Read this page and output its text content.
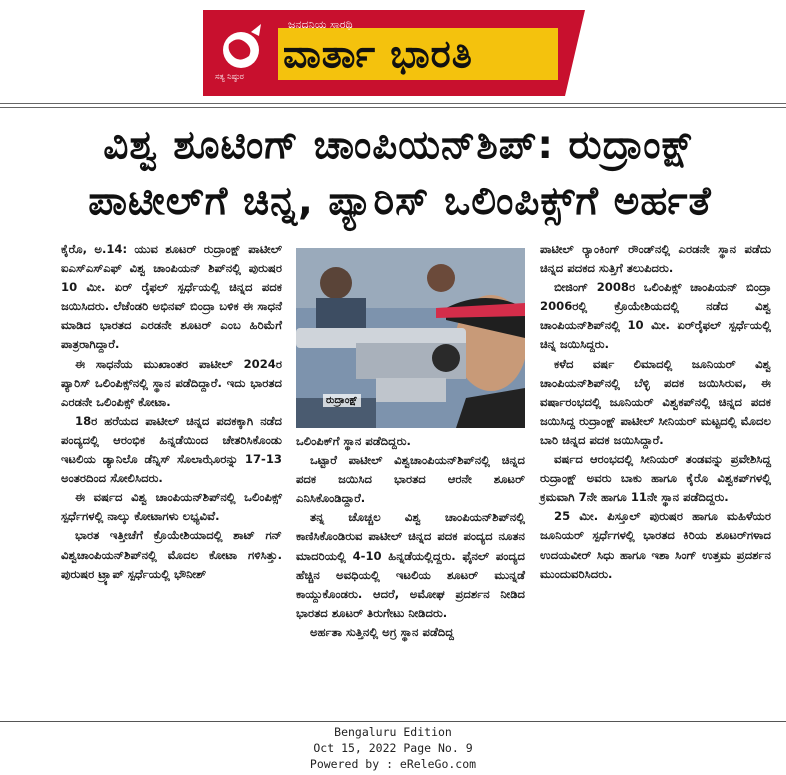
ಜನದನಿಯ ಸಾರಥಿ
ವಾರ್ತಾ ಭಾರತಿ
ಸತ್ಯ ನಿಷ್ಠುರ
ವಿಶ್ವ ಶೂಟಿಂಗ್ ಚಾಂಪಿಯನ್‌ಶಿಪ್: ರುದ್ರಾಂಕ್ಷ್
ಪಾಟೀಲ್‌ಗೆ ಚಿನ್ನ, ಪ್ಯಾರಿಸ್ ಒಲಿಂಪಿಕ್ಸ್‌ಗೆ ಅರ್ಹತೆ

ಕೈರೊ, ಅ.14: ಯುವ ಶೂಟರ್ ರುದ್ರಾಂಕ್ಷ್ ಪಾಟೀಲ್ ಐಎಸ್‌ಎಸ್‌ಎಫ್ ವಿಶ್ವ ಚಾಂಪಿಯನ್ ಶಿಪ್‌ನಲ್ಲಿ ಪುರುಷರ 10 ಮೀ. ಏರ್ ರೈಫಲ್ ಸ್ಪರ್ಧೆಯಲ್ಲಿ ಚಿನ್ನದ ಪದಕ ಜಯಿಸಿದರು. ಲೆಜೆಂಡರಿ ಅಭಿನವ್ ಬಿಂದ್ರಾ ಬಳಿಕ ಈ ಸಾಧನೆ ಮಾಡಿದ ಭಾರತದ ಎರಡನೇ ಶೂಟರ್ ಎಂಬ ಹಿರಿಮೆಗೆ ಪಾತ್ರರಾಗಿದ್ದಾರೆ.

ಈ ಸಾಧನೆಯ ಮುಖಾಂತರ ಪಾಟೀಲ್ 2024ರ ಪ್ಯಾರಿಸ್ ಒಲಿಂಪಿಕ್ಸ್‌ನಲ್ಲಿ ಸ್ಥಾನ ಪಡೆದಿದ್ದಾರೆ. ಇದು ಭಾರತದ ಎರಡನೇ ಒಲಿಂಪಿಕ್ಸ್ ಕೋಟಾ.

18ರ ಹರೆಯದ ಪಾಟೀಲ್ ಚಿನ್ನದ ಪದಕಕ್ಕಾಗಿ ನಡೆದ ಪಂದ್ಯದಲ್ಲಿ ಆರಂಭಿಕ ಹಿನ್ನಡೆಯಿಂದ ಚೇತರಿಸಿಕೊಂಡು ಇಟಲಿಯ ಡ್ಯಾನಿಲೊ ಡೆನ್ನಿಸ್ ಸೊಲಾಝೊರನ್ನು 17-13 ಅಂತರದಿಂದ ಸೋಲಿಸಿದರು.

ಈ ವರ್ಷದ ವಿಶ್ವ ಚಾಂಪಿಯನ್‌ಶಿಪ್‌ನಲ್ಲಿ ಒಲಿಂಪಿಕ್ಸ್ ಸ್ಪರ್ಧೆಗಳಲ್ಲಿ ನಾಲ್ಕು ಕೋಟಾಗಳು ಲಭ್ಯವಿವೆ.

ಭಾರತ ಇತ್ತೀಚೆಗೆ ಕ್ರೊಯೇಶಿಯಾದಲ್ಲಿ ಶಾಟ್ ಗನ್ ವಿಶ್ವಚಾಂಪಿಯನ್‌ಶಿಪ್‌ನಲ್ಲಿ ಮೊದಲ ಕೋಟಾ ಗಳಿಸಿತ್ತು. ಪುರುಷರ ಟ್ರ್ಯಾಪ್ ಸ್ಪರ್ಧೆಯಲ್ಲಿ ಭೌನೀಶ್

ರುದ್ರಾಂಕ್ಷ್

ಒಲಿಂಪಿಕ್‌ಗೆ ಸ್ಥಾನ ಪಡೆದಿದ್ದರು.

ಒಟ್ಟಾರೆ ಪಾಟೀಲ್ ವಿಶ್ವಚಾಂಪಿಯನ್‌ಶಿಪ್‌ನಲ್ಲಿ ಚಿನ್ನದ ಪದಕ ಜಯಿಸಿದ ಭಾರತದ ಆರನೇ ಶೂಟರ್ ಎನಿಸಿಕೊಂಡಿದ್ದಾರೆ.

ತನ್ನ ಚೊಚ್ಚಲ ವಿಶ್ವ ಚಾಂಪಿಯನ್‌ಶಿಪ್‌ನಲ್ಲಿ ಕಾಣಿಸಿಕೊಂಡಿರುವ ಪಾಟೀಲ್ ಚಿನ್ನದ ಪದಕ ಪಂದ್ಯದ ನೂತನ ಮಾದರಿಯಲ್ಲಿ 4-10 ಹಿನ್ನಡೆಯಲ್ಲಿದ್ದರು. ಫೈನಲ್ ಪಂದ್ಯದ ಹೆಚ್ಚಿನ ಅವಧಿಯಲ್ಲಿ ಇಟಲಿಯ ಶೂಟರ್ ಮುನ್ನಡೆ ಕಾಯ್ದುಕೊಂಡರು. ಆದರೆ, ಅಮೋಘ ಪ್ರದರ್ಶನ ನೀಡಿದ ಭಾರತದ ಶೂಟರ್ ತಿರುಗೇಟು ನೀಡಿದರು.

ಅರ್ಹತಾ ಸುತ್ತಿನಲ್ಲಿ ಅಗ್ರ ಸ್ಥಾನ ಪಡೆದಿದ್ದ

ಪಾಟೀಲ್ ರ್‍ಯಾಂಕಿಂಗ್ ರೌಂಡ್‌ನಲ್ಲಿ ಎರಡನೇ ಸ್ಥಾನ ಪಡೆದು ಚಿನ್ನದ ಪದಕದ ಸುತ್ತಿಗೆ ತಲುಪಿದರು.

ಬೀಜಿಂಗ್ 2008ರ ಒಲಿಂಪಿಕ್ಸ್ ಚಾಂಪಿಯನ್ ಬಿಂದ್ರಾ 2006ರಲ್ಲಿ ಕ್ರೊಯೇಶಿಯದಲ್ಲಿ ನಡೆದ ವಿಶ್ವ ಚಾಂಪಿಯನ್‌ಶಿಪ್‌ನಲ್ಲಿ 10 ಮೀ. ಏರ್‌ರೈಫಲ್ ಸ್ಪರ್ಧೆಯಲ್ಲಿ ಚಿನ್ನ ಜಯಿಸಿದ್ದರು.

ಕಳೆದ ವರ್ಷ ಲಿಮಾದಲ್ಲಿ ಜೂನಿಯರ್ ವಿಶ್ವ ಚಾಂಪಿಯನ್‌ಶಿಪ್‌ನಲ್ಲಿ ಬೆಳ್ಳಿ ಪದಕ ಜಯಿಸಿರುವ, ಈ ವರ್ಷಾರಂಭದಲ್ಲಿ ಜೂನಿಯರ್ ವಿಶ್ವಕಪ್‌ನಲ್ಲಿ ಚಿನ್ನದ ಪದಕ ಜಯಿಸಿದ್ದ ರುದ್ರಾಂಕ್ಷ್ ಪಾಟೀಲ್ ಸೀನಿಯರ್ ಮಟ್ಟದಲ್ಲಿ ಮೊದಲ ಬಾರಿ ಚಿನ್ನದ ಪದಕ ಜಯಿಸಿದ್ದಾರೆ.

ವರ್ಷದ ಆರಂಭದಲ್ಲಿ ಸೀನಿಯರ್ ತಂಡವನ್ನು ಪ್ರವೇಶಿಸಿದ್ದ ರುದ್ರಾಂಕ್ಷ್ ಅವರು ಬಾಕು ಹಾಗೂ ಕೈರೊ ವಿಶ್ವಕಪ್‌ಗಳಲ್ಲಿ ಕ್ರಮವಾಗಿ 7ನೇ ಹಾಗೂ 11ನೇ ಸ್ಥಾನ ಪಡೆದಿದ್ದರು.

25 ಮೀ. ಪಿಸ್ತೂಲ್ ಪುರುಷರ ಹಾಗೂ ಮಹಿಳೆಯರ ಜೂನಿಯರ್ ಸ್ಪರ್ಧೆಗಳಲ್ಲಿ ಭಾರತದ ಕಿರಿಯ ಶೂಟರ್‌ಗಳಾದ ಉದಯವೀರ್ ಸಿಧು ಹಾಗೂ ಇಶಾ ಸಿಂಗ್ ಉತ್ತಮ ಪ್ರದರ್ಶನ ಮುಂದುವರಿಸಿದರು.

Bengaluru Edition
Oct 15, 2022 Page No. 9
Powered by : eReleGo.com
